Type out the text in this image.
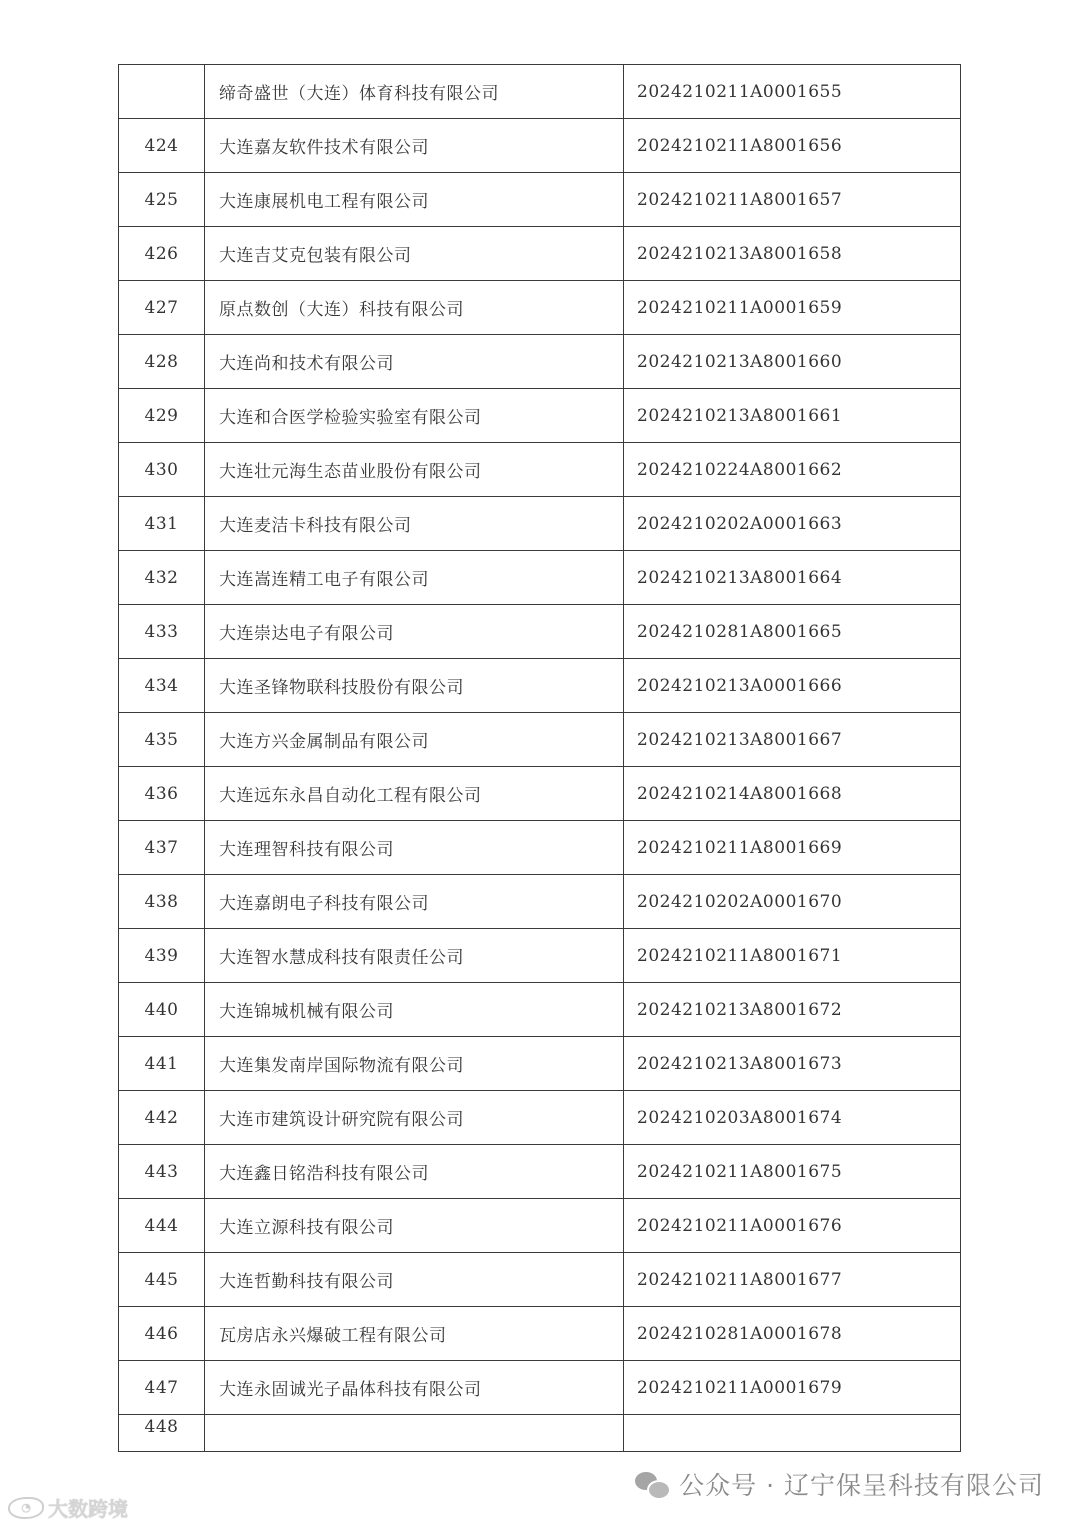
	缔奇盛世（大连）体育科技有限公司	2024210211A0001655
424	大连嘉友软件技术有限公司	2024210211A8001656
425	大连康展机电工程有限公司	2024210211A8001657
426	大连吉艾克包装有限公司	2024210213A8001658
427	原点数创（大连）科技有限公司	2024210211A0001659
428	大连尚和技术有限公司	2024210213A8001660
429	大连和合医学检验实验室有限公司	2024210213A8001661
430	大连壮元海生态苗业股份有限公司	2024210224A8001662
431	大连麦洁卡科技有限公司	2024210202A0001663
432	大连嵩连精工电子有限公司	2024210213A8001664
433	大连崇达电子有限公司	2024210281A8001665
434	大连圣锋物联科技股份有限公司	2024210213A0001666
435	大连方兴金属制品有限公司	2024210213A8001667
436	大连远东永昌自动化工程有限公司	2024210214A8001668
437	大连理智科技有限公司	2024210211A8001669
438	大连嘉朗电子科技有限公司	2024210202A0001670
439	大连智水慧成科技有限责任公司	2024210211A8001671
440	大连锦城机械有限公司	2024210213A8001672
441	大连集发南岸国际物流有限公司	2024210213A8001673
442	大连市建筑设计研究院有限公司	2024210203A8001674
443	大连鑫日铭浩科技有限公司	2024210211A8001675
444	大连立源科技有限公司	2024210211A0001676
445	大连哲勤科技有限公司	2024210211A8001677
446	瓦房店永兴爆破工程有限公司	2024210281A0001678
447	大连永固诚光子晶体科技有限公司	2024210211A0001679
448		
公众号 · 辽宁保呈科技有限公司
◔ 大数跨境
